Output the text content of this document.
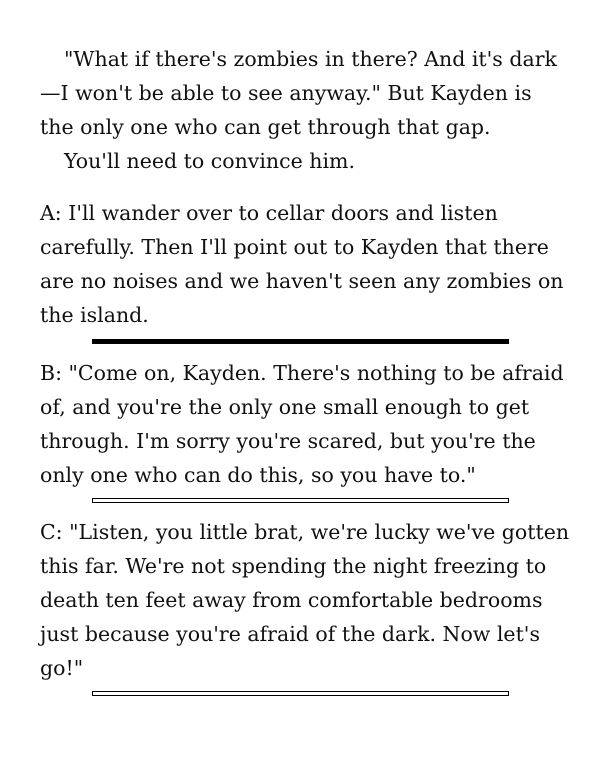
"What if there's zombies in there? And it's dark—I won't be able to see anyway." But Kayden is the only one who can get through that gap.

You'll need to convince him.

A: I'll wander over to cellar doors and listen carefully. Then I'll point out to Kayden that there are no noises and we haven't seen any zombies on the island.

B: "Come on, Kayden. There's nothing to be afraid of, and you're the only one small enough to get through. I'm sorry you're scared, but you're the only one who can do this, so you have to."

C: "Listen, you little brat, we're lucky we've gotten this far. We're not spending the night freezing to death ten feet away from comfortable bedrooms just because you're afraid of the dark. Now let's go!"
